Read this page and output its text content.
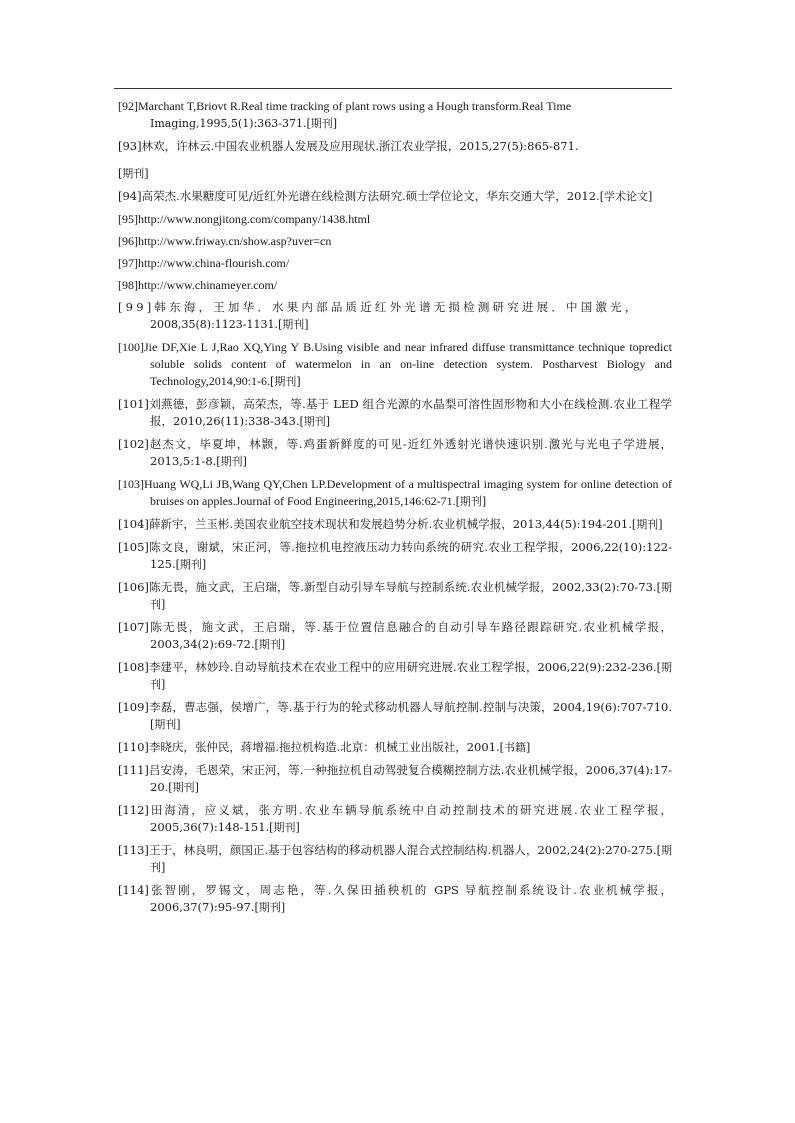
[92]Marchant T,Briovt R.Real time tracking of plant rows using a Hough transform.Real Time
Imaging,1995,5(1):363-371.[期刊]
[93]林欢，许林云.中国农业机器人发展及应用现状.浙江农业学报，2015,27(5):865-871.
[期刊]
[94]高荣杰.水果糖度可见/近红外光谱在线检测方法研究.硕士学位论文，华东交通大学，2012.[学术论文]
[95]http://www.nongjitong.com/company/1438.html
[96]http://www.friway.cn/show.asp?uver=cn
[97]http://www.china-flourish.com/
[98]http://www.chinameyer.com/
[99]韩东海，王加华．水果内部品质近红外光谱无损检测研究进展．中国激光，
2008,35(8):1123-1131.[期刊]
[100]Jie DF,Xie L J,Rao XQ,Ying Y B.Using visible and near infrared diffuse transmittance technique topredict soluble solids content of watermelon in an on-line detection system. Postharvest Biology and Technology,2014,90:1-6.[期刊]
[101]刘燕德，彭彦颖，高荣杰，等.基于 LED 组合光源的水晶梨可溶性固形物和大小在线检测.农业工程学报，2010,26(11):338-343.[期刊]
[102]赵杰文，毕夏坤，林颢，等.鸡蛋新鲜度的可见-近红外透射光谱快速识别.激光与光电子学进展，2013,5:1-8.[期刊]
[103]Huang WQ,Li JB,Wang QY,Chen LP.Development of a multispectral imaging system for online detection of bruises on apples.Journal of Food Engineering,2015,146:62-71.[期刊]
[104]薛新宇，兰玉彬.美国农业航空技术现状和发展趋势分析.农业机械学报，2013,44(5):194-201.[期刊]
[105]陈文良，谢斌，宋正河，等.拖拉机电控液压动力转向系统的研究.农业工程学报，2006,22(10):122-125.[期刊]
[106]陈无畏，施文武，王启瑞，等.新型自动引导车导航与控制系统.农业机械学报，2002,33(2):70-73.[期刊]
[107]陈无畏，施文武，王启瑞，等.基于位置信息融合的自动引导车路径跟踪研究.农业机械学报，2003,34(2):69-72.[期刊]
[108]李建平，林妙玲.自动导航技术在农业工程中的应用研究进展.农业工程学报，2006,22(9):232-236.[期刊]
[109]李磊，曹志强，侯增广，等.基于行为的轮式移动机器人导航控制.控制与决策，2004,19(6):707-710.[期刊]
[110]李晓庆，张仲民，蒋增福.拖拉机构造.北京：机械工业出版社，2001.[书籍]
[111]吕安涛，毛恩荣，宋正河，等.一种拖拉机自动驾驶复合模糊控制方法.农业机械学报，2006,37(4):17-20.[期刊]
[112]田海清，应义斌，张方明.农业车辆导航系统中自动控制技术的研究进展.农业工程学报，2005,36(7):148-151.[期刊]
[113]王于，林良明，颜国正.基于包容结构的移动机器人混合式控制结构.机器人，2002,24(2):270-275.[期刊]
[114]张智刚，罗锡文，周志艳，等.久保田插秧机的 GPS 导航控制系统设计.农业机械学报，2006,37(7):95-97.[期刊]
